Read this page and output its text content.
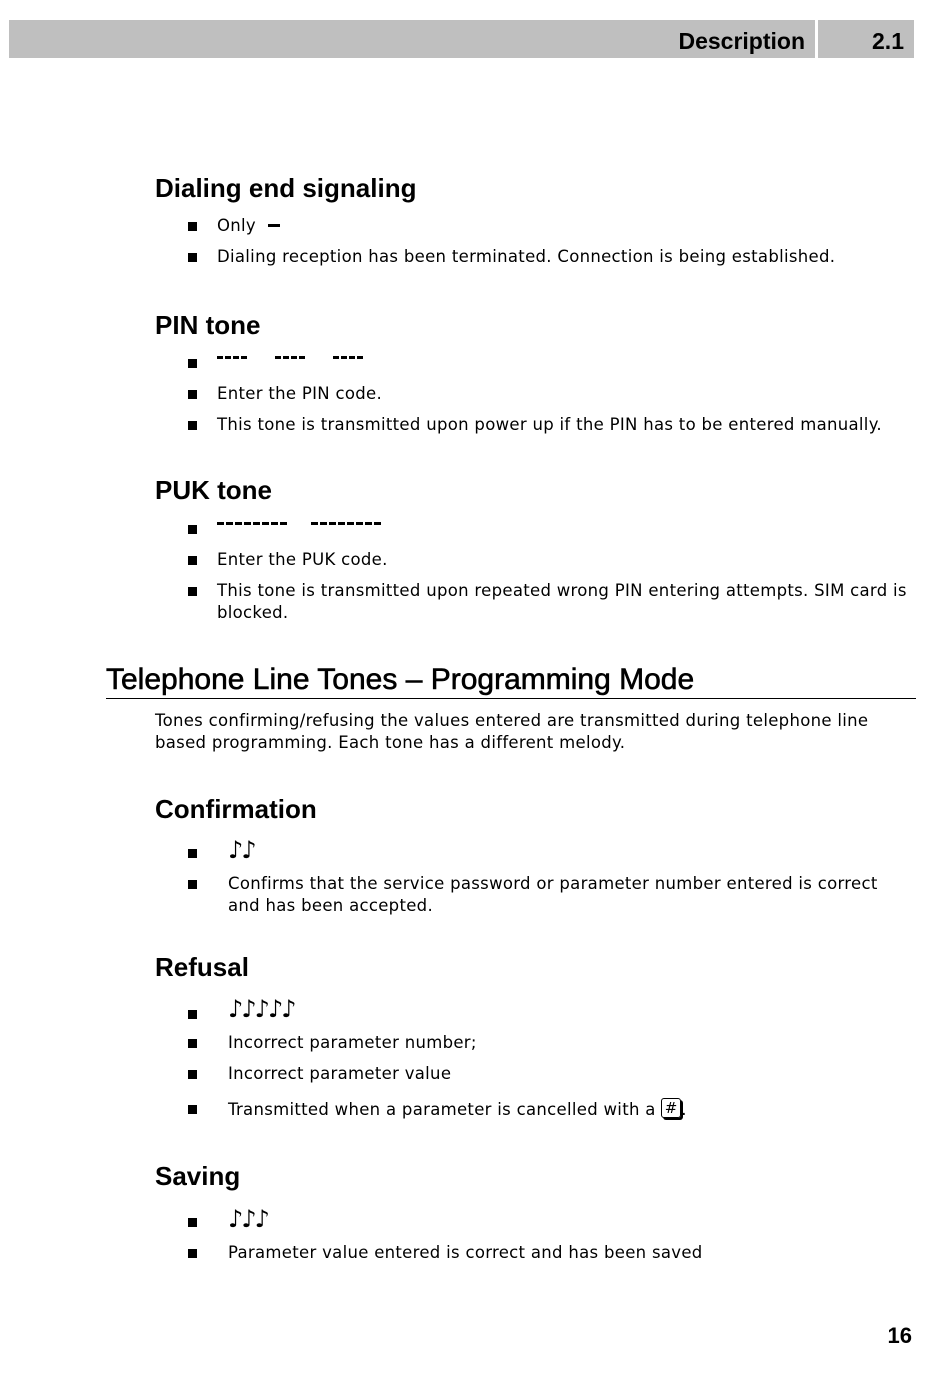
Description	2.1
Dialing end signaling
Only
Dialing reception has been terminated. Connection is being established.
PIN tone
Enter the PIN code.
This tone is transmitted upon power up if the PIN has to be entered manually.
PUK tone
Enter the PUK code.
This tone is transmitted upon repeated wrong PIN entering attempts. SIM card is blocked.
Telephone Line Tones – Programming Mode

Tones confirming/refusing the values entered are transmitted during telephone line based programming. Each tone has a different melody.

Confirmation
♪♪
Confirms that the service password or parameter number entered is correct and has been accepted.
Refusal
♪♪♪♪♪
Incorrect parameter number;
Incorrect parameter value
Transmitted when a parameter is cancelled with a # .
Saving
♪♪♪
Parameter value entered is correct and has been saved
16
